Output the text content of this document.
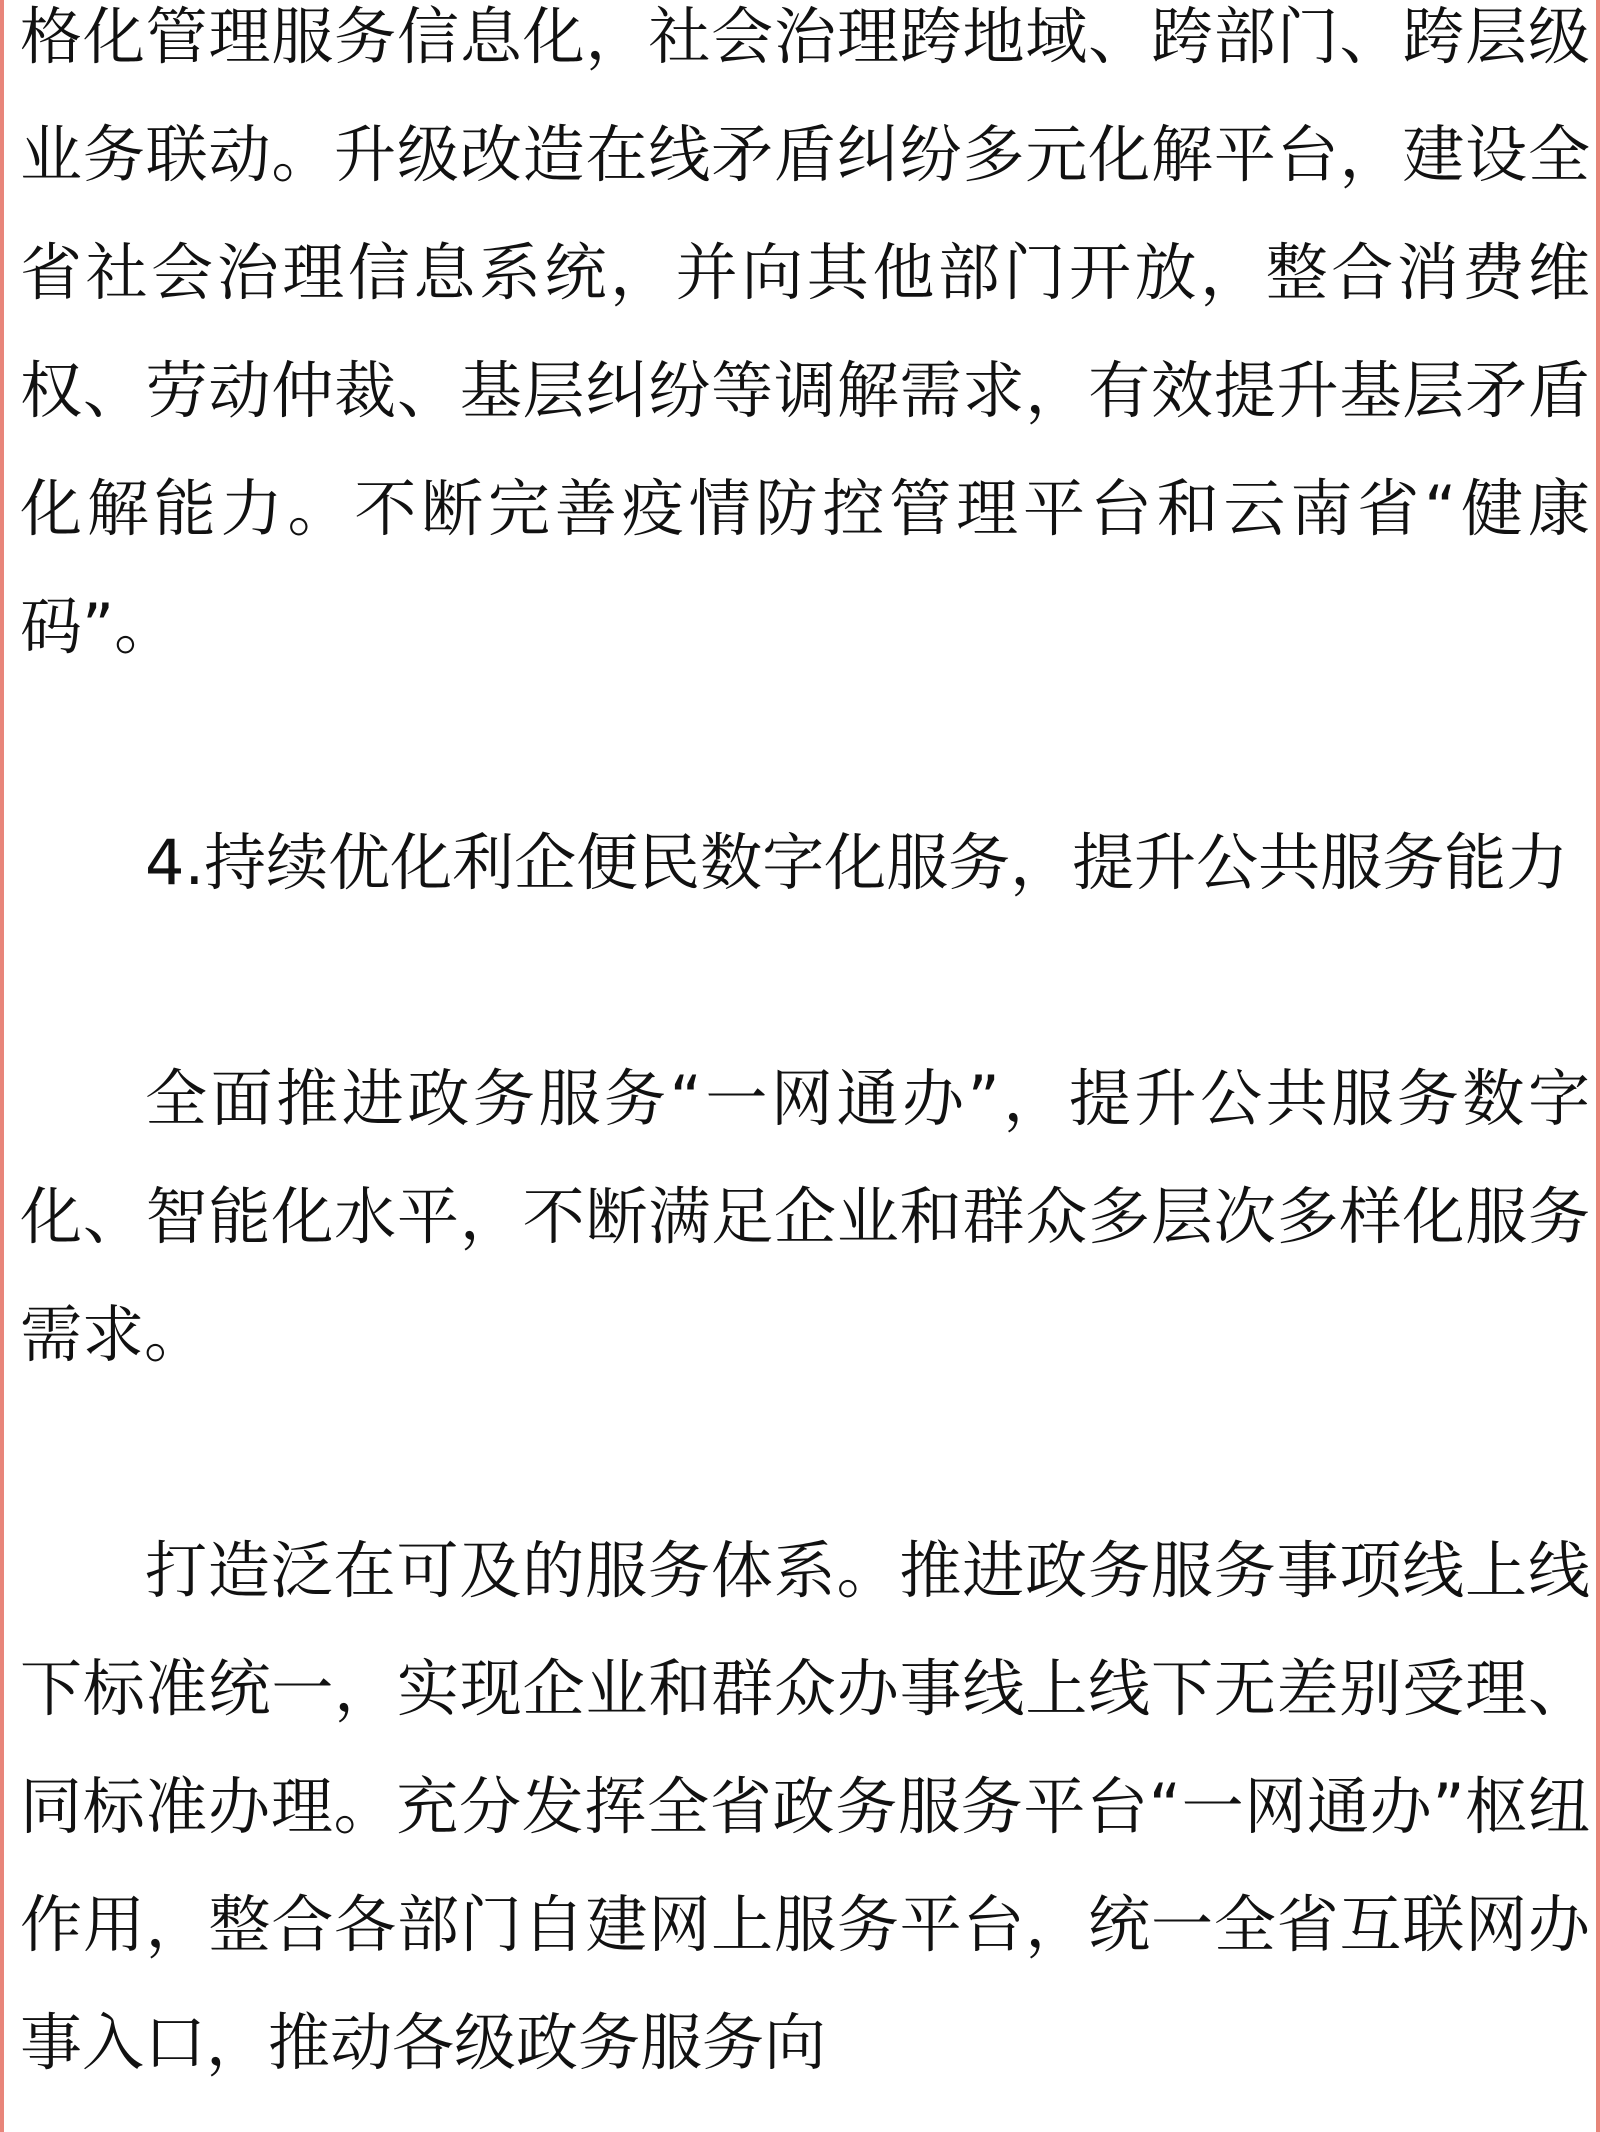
格化管理服务信息化，社会治理跨地域、跨部门、跨层级业务联动。升级改造在线矛盾纠纷多元化解平台，建设全省社会治理信息系统，并向其他部门开放，整合消费维权、劳动仲裁、基层纠纷等调解需求，有效提升基层矛盾化解能力。不断完善疫情防控管理平台和云南省“健康码”。

4.持续优化利企便民数字化服务，提升公共服务能力

全面推进政务服务“一网通办”，提升公共服务数字化、智能化水平，不断满足企业和群众多层次多样化服务需求。

打造泛在可及的服务体系。推进政务服务事项线上线下标准统一，实现企业和群众办事线上线下无差别受理、同标准办理。充分发挥全省政务服务平台“一网通办”枢纽作用，整合各部门自建网上服务平台，统一全省互联网办事入口，推动各级政务服务向
